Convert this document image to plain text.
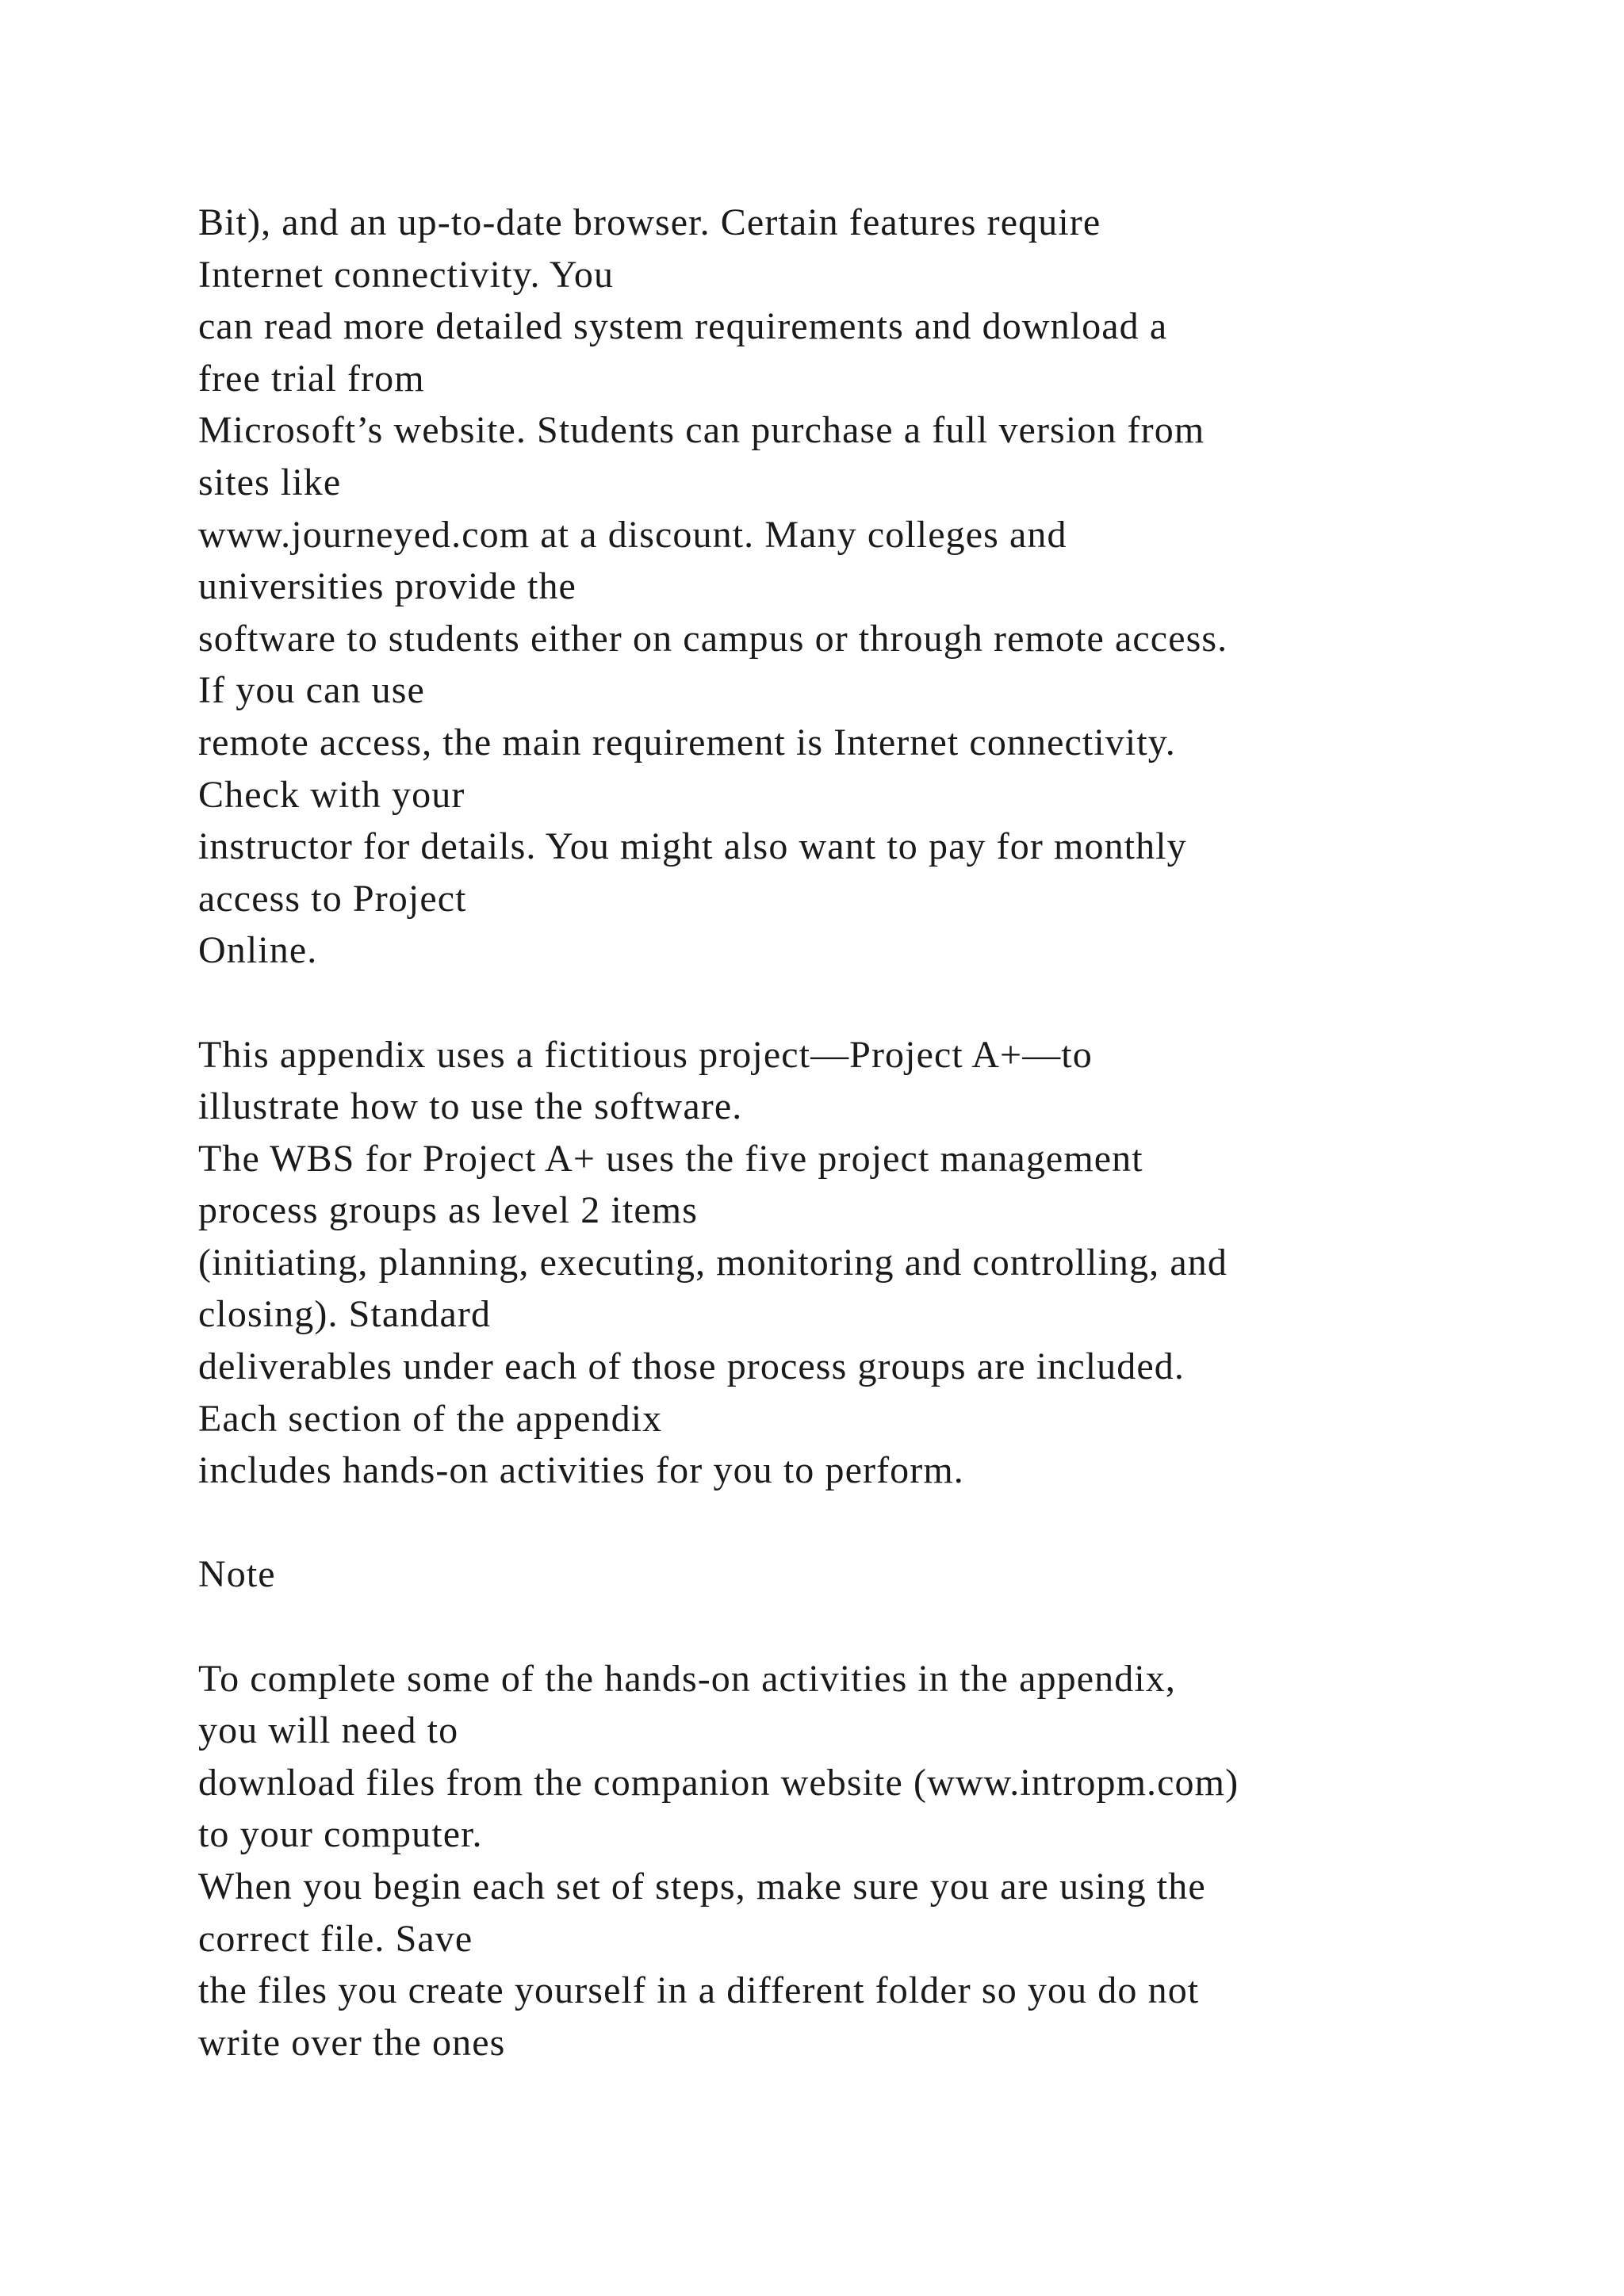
Bit), and an up-to-date browser. Certain features require
Internet connectivity. You
can read more detailed system requirements and download a
free trial from
Microsoft’s website. Students can purchase a full version from
sites like
www.journeyed.com at a discount. Many colleges and
universities provide the
software to students either on campus or through remote access.
If you can use
remote access, the main requirement is Internet connectivity.
Check with your
instructor for details. You might also want to pay for monthly
access to Project
Online.
This appendix uses a fictitious project—Project A+—to
illustrate how to use the software.
The WBS for Project A+ uses the five project management
process groups as level 2 items
(initiating, planning, executing, monitoring and controlling, and
closing). Standard
deliverables under each of those process groups are included.
Each section of the appendix
includes hands-on activities for you to perform.
Note
To complete some of the hands-on activities in the appendix,
you will need to
download files from the companion website (www.intropm.com)
to your computer.
When you begin each set of steps, make sure you are using the
correct file. Save
the files you create yourself in a different folder so you do not
write over the ones
